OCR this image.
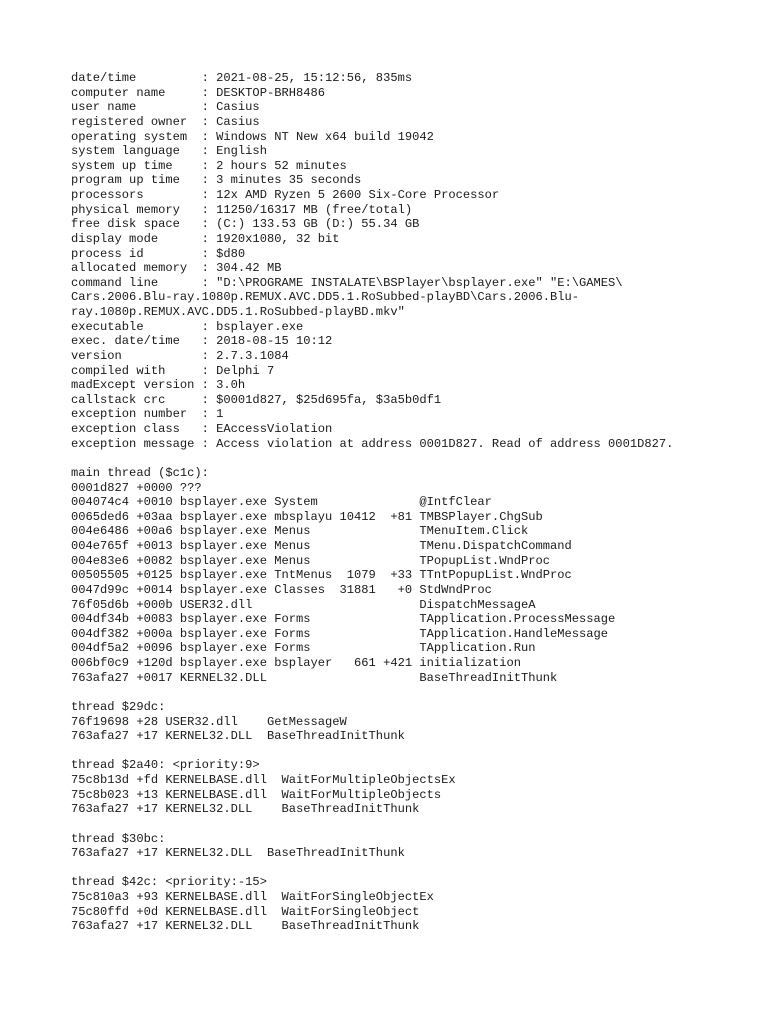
date/time         : 2021-08-25, 15:12:56, 835ms
computer name     : DESKTOP-BRH8486
user name         : Casius
registered owner  : Casius
operating system  : Windows NT New x64 build 19042
system language   : English
system up time    : 2 hours 52 minutes
program up time   : 3 minutes 35 seconds
processors        : 12x AMD Ryzen 5 2600 Six-Core Processor
physical memory   : 11250/16317 MB (free/total)
free disk space   : (C:) 133.53 GB (D:) 55.34 GB
display mode      : 1920x1080, 32 bit
process id        : $d80
allocated memory  : 304.42 MB
command line      : "D:\PROGRAME INSTALATE\BSPlayer\bsplayer.exe" "E:\GAMES\
Cars.2006.Blu-ray.1080p.REMUX.AVC.DD5.1.RoSubbed-playBD\Cars.2006.Blu-
ray.1080p.REMUX.AVC.DD5.1.RoSubbed-playBD.mkv"
executable        : bsplayer.exe
exec. date/time   : 2018-08-15 10:12
version           : 2.7.3.1084
compiled with     : Delphi 7
madExcept version : 3.0h
callstack crc     : $0001d827, $25d695fa, $3a5b0df1
exception number  : 1
exception class   : EAccessViolation
exception message : Access violation at address 0001D827. Read of address 0001D827.
main thread ($c1c):
0001d827 +0000 ???
004074c4 +0010 bsplayer.exe System              @IntfClear
0065ded6 +03aa bsplayer.exe mbsplayu 10412  +81 TMBSPlayer.ChgSub
004e6486 +00a6 bsplayer.exe Menus               TMenuItem.Click
004e765f +0013 bsplayer.exe Menus               TMenu.DispatchCommand
004e83e6 +0082 bsplayer.exe Menus               TPopupList.WndProc
00505505 +0125 bsplayer.exe TntMenus  1079  +33 TTntPopupList.WndProc
0047d99c +0014 bsplayer.exe Classes  31881   +0 StdWndProc
76f05d6b +000b USER32.dll                       DispatchMessageA
004df34b +0083 bsplayer.exe Forms               TApplication.ProcessMessage
004df382 +000a bsplayer.exe Forms               TApplication.HandleMessage
004df5a2 +0096 bsplayer.exe Forms               TApplication.Run
006bf0c9 +120d bsplayer.exe bsplayer   661 +421 initialization
763afa27 +0017 KERNEL32.DLL                     BaseThreadInitThunk
thread $29dc:
76f19698 +28 USER32.dll    GetMessageW
763afa27 +17 KERNEL32.DLL  BaseThreadInitThunk
thread $2a40: <priority:9>
75c8b13d +fd KERNELBASE.dll  WaitForMultipleObjectsEx
75c8b023 +13 KERNELBASE.dll  WaitForMultipleObjects
763afa27 +17 KERNEL32.DLL    BaseThreadInitThunk
thread $30bc:
763afa27 +17 KERNEL32.DLL  BaseThreadInitThunk
thread $42c: <priority:-15>
75c810a3 +93 KERNELBASE.dll  WaitForSingleObjectEx
75c80ffd +0d KERNELBASE.dll  WaitForSingleObject
763afa27 +17 KERNEL32.DLL    BaseThreadInitThunk
